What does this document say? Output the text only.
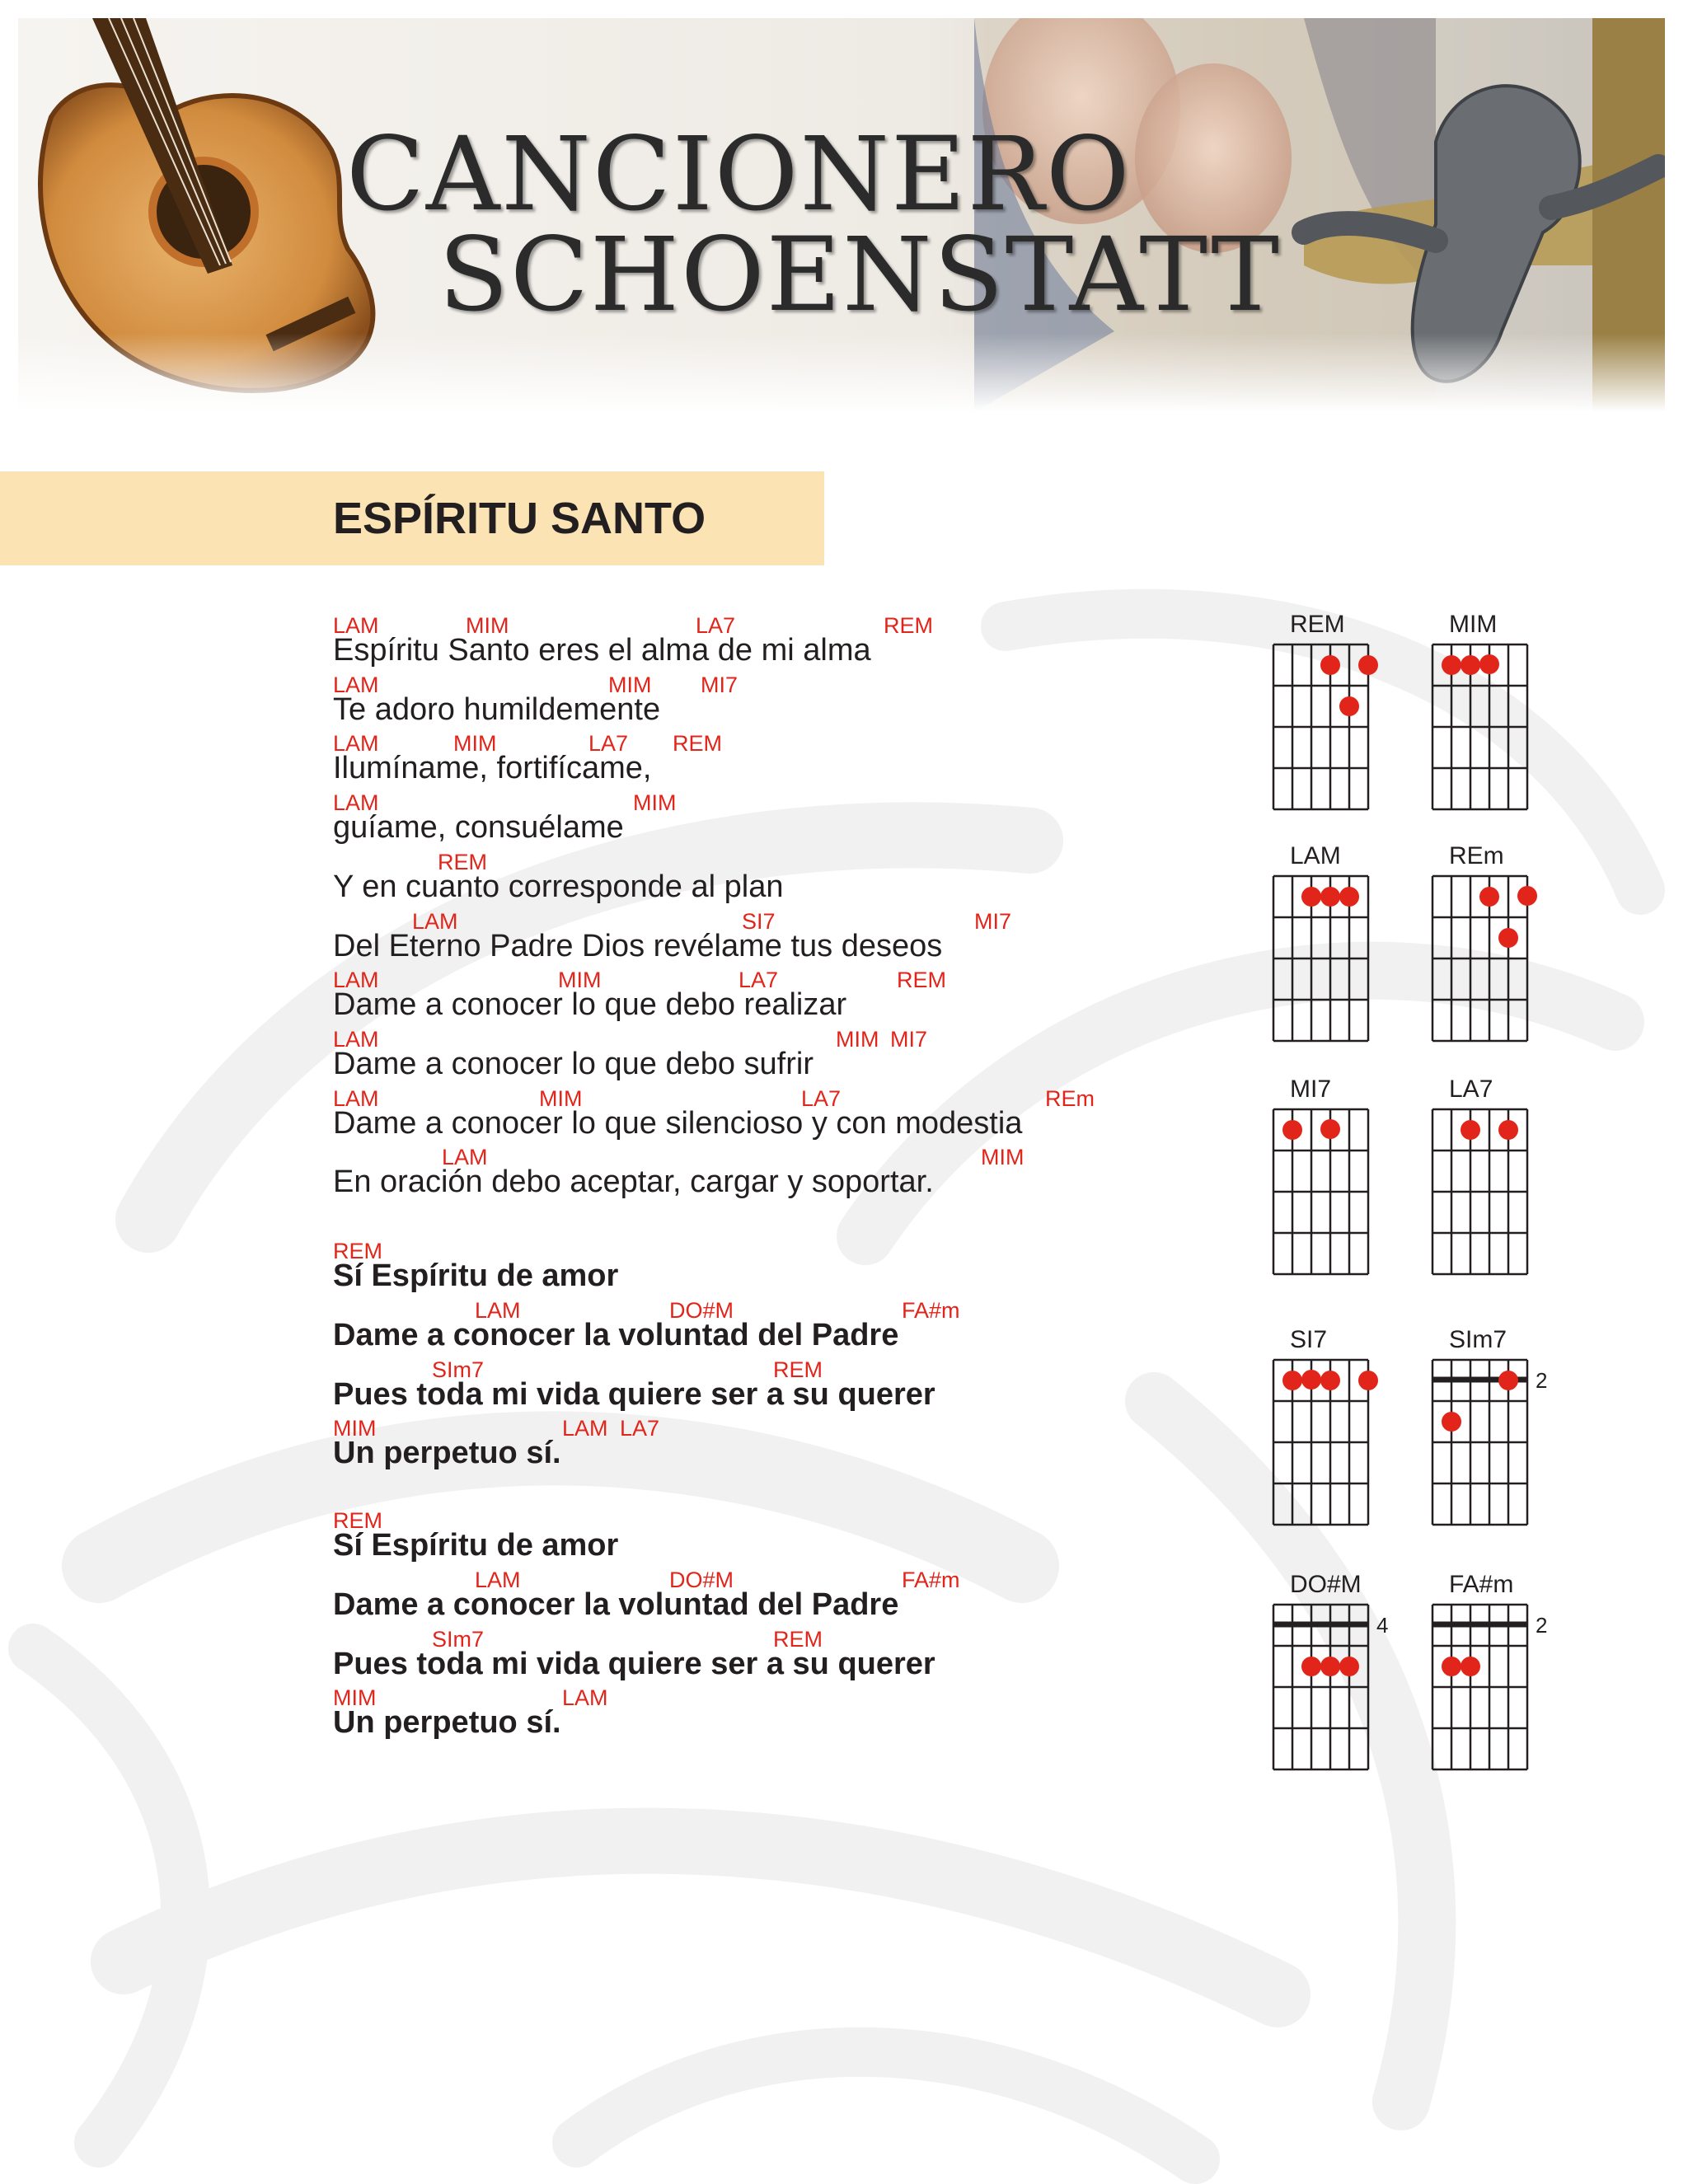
CANCIONERO
SCHOENSTATT
ESPÍRITU SANTO
LAM	MIM	LA7	REM
Espíritu Santo eres el alma de mi alma
LAM	MIM MI7
Te adoro humildemente
LAM	MIM	LA7 REM
Ilumíname, fortifícame,
LAM	MIM
guíame, consuélame
REM
Y en cuanto corresponde al plan
LAM	SI7	MI7
Del Eterno Padre Dios revélame tus deseos
LAM	MIM	LA7	REM
Dame a conocer lo que debo realizar
LAM	MIM MI7
Dame a conocer lo que debo sufrir
LAM	MIM	LA7	REm
Dame a conocer lo que silencioso y con modestia
LAM	MIM
En oración debo aceptar, cargar y soportar.
REM
Sí Espíritu de amor
LAM	DO#M	FA#m
Dame a conocer la voluntad del Padre
SIm7	REM
Pues toda mi vida quiere ser a su querer
MIM	LAM LA7
Un perpetuo sí.
REM
Sí Espíritu de amor
LAM	DO#M	FA#m
Dame a conocer la voluntad del Padre
SIm7	REM
Pues toda mi vida quiere ser a su querer
MIM	LAM
Un perpetuo sí.
REM	MIM
LAM	REm
MI7	LA7
SI7	SIm7
2
DO#M
4
FA#m
2
